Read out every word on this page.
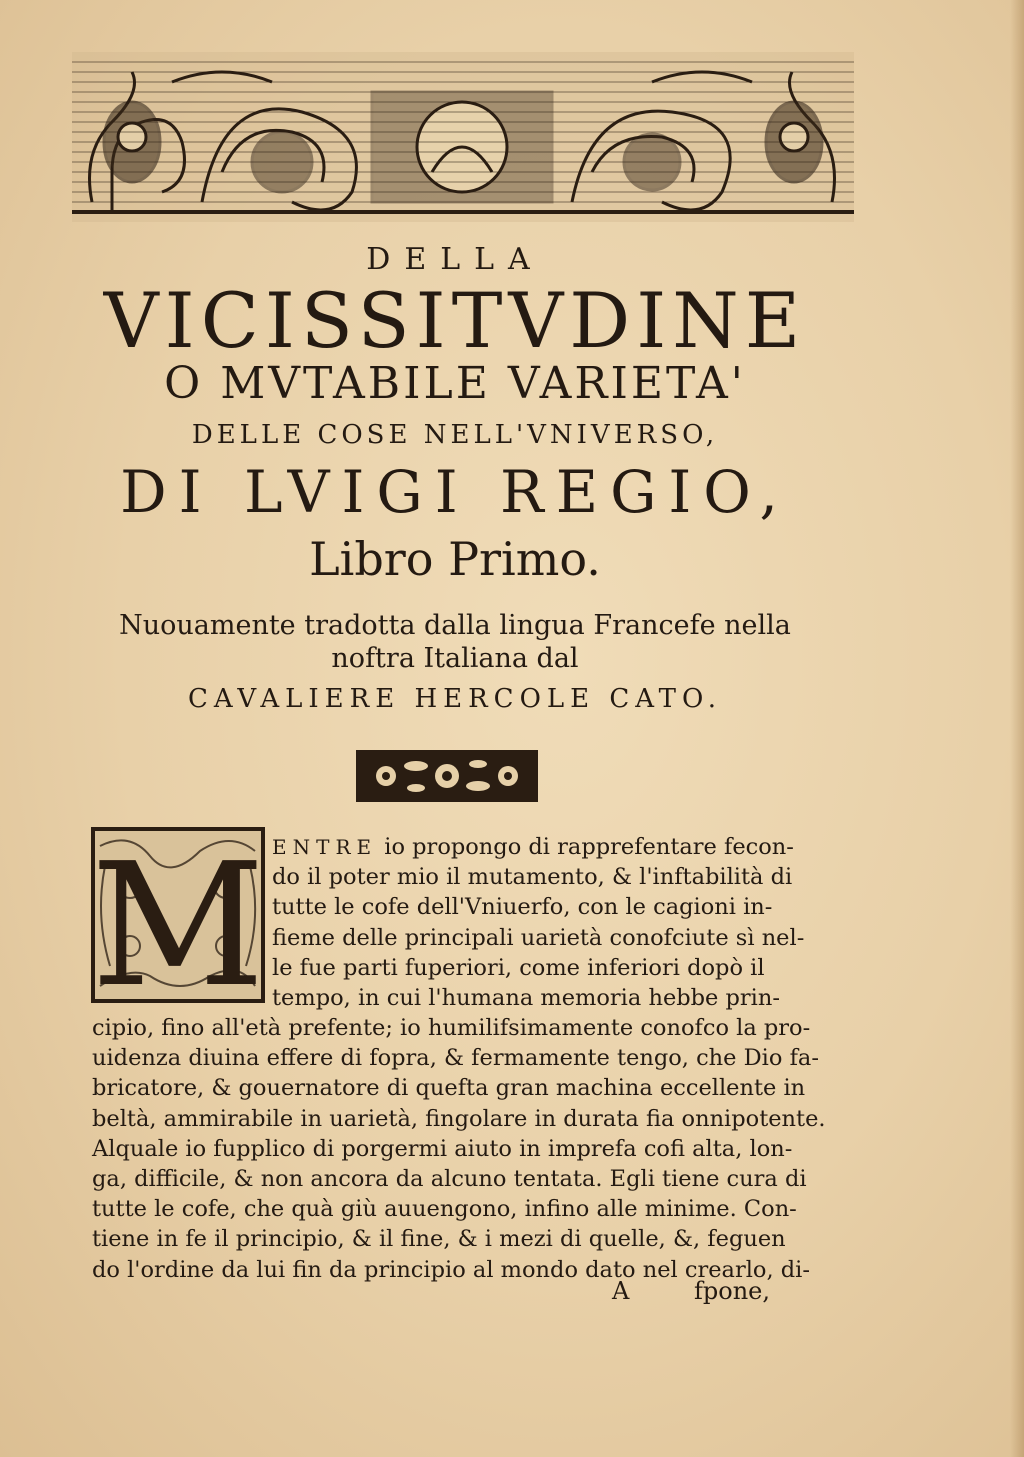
DELLA
VICISSITVDINE
O MVTABILE VARIETA'
DELLE COSE NELL'VNIVERSO,
DI LVIGI REGIO,
Libro Primo.
Nuouamente tradotta dalla lingua Francefe nella
noftra Italiana dal
CAVALIERE HERCOLE CATO.
M ENTRE io propongo di rapprefentare fecon-
do il poter mio il mutamento, & l'inftabilità di
tutte le cofe dell'Vniuerfo, con le cagioni in-
fieme delle principali uarietà conofciute sì nel-
le fue parti fuperiori, come inferiori dopò il
tempo, in cui l'humana memoria hebbe prin-
cipio, fino all'età prefente; io humilifsimamente conofco la pro-
uidenza diuina effere di fopra, & fermamente tengo, che Dio fa-
bricatore, & gouernatore di quefta gran machina eccellente in
beltà, ammirabile in uarietà, fingolare in durata fia onnipotente.
Alquale io fupplico di porgermi aiuto in imprefa cofi alta, lon-
ga, difficile, & non ancora da alcuno tentata. Egli tiene cura di
tutte le cofe, che quà giù auuengono, infino alle minime. Con-
tiene in fe il principio, & il fine, & i mezi di quelle, &, feguen
do l'ordine da lui fin da principio al mondo dato nel crearlo, di-
A	fpone,
